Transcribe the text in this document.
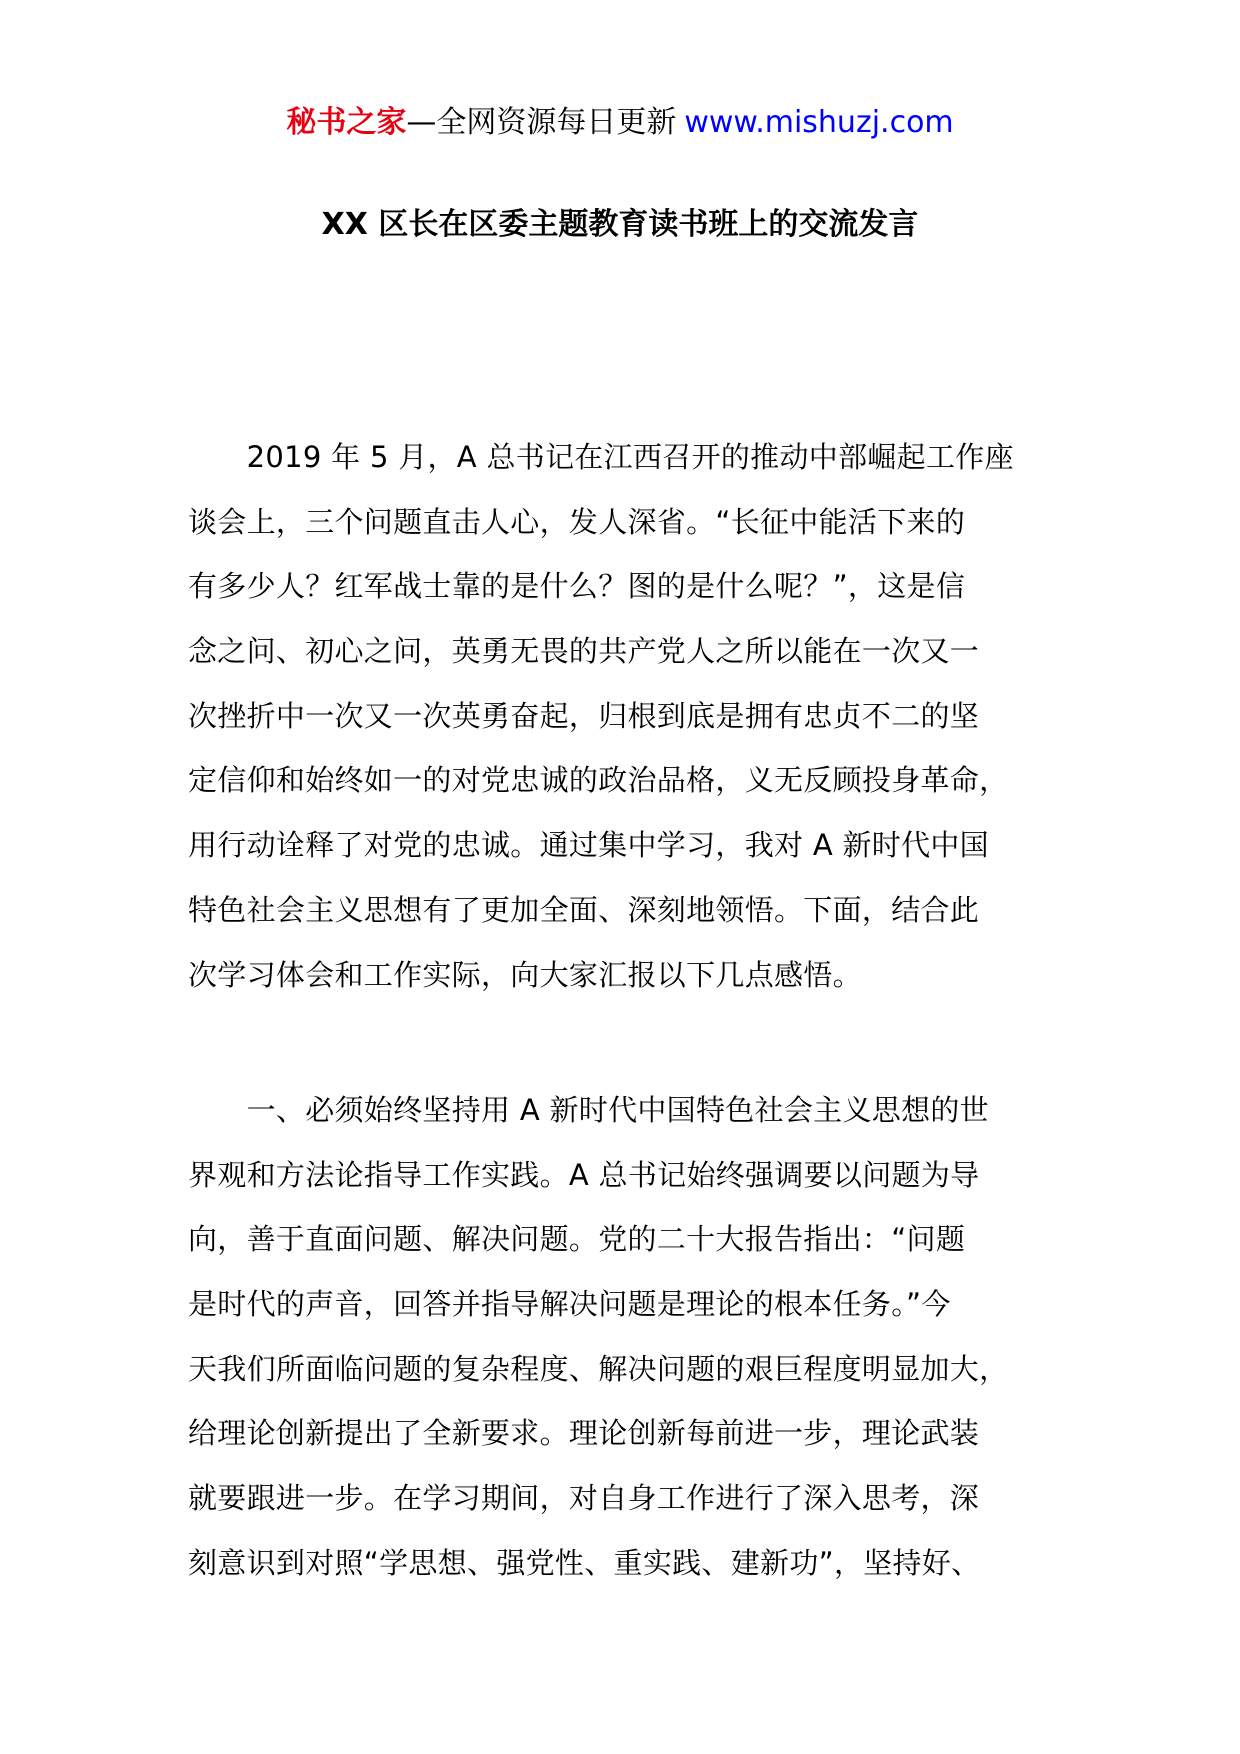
秘书之家—全网资源每日更新 www.mishuzj.com
XX 区长在区委主题教育读书班上的交流发言
　　2019 年 5 月，A 总书记在江西召开的推动中部崛起工作座
谈会上，三个问题直击人心，发人深省。“长征中能活下来的
有多少人？红军战士靠的是什么？图的是什么呢？”，这是信
念之问、初心之问，英勇无畏的共产党人之所以能在一次又一
次挫折中一次又一次英勇奋起，归根到底是拥有忠贞不二的坚
定信仰和始终如一的对党忠诚的政治品格，义无反顾投身革命，
用行动诠释了对党的忠诚。通过集中学习，我对 A 新时代中国
特色社会主义思想有了更加全面、深刻地领悟。下面，结合此
次学习体会和工作实际，向大家汇报以下几点感悟。
　　一、必须始终坚持用 A 新时代中国特色社会主义思想的世
界观和方法论指导工作实践。A 总书记始终强调要以问题为导
向，善于直面问题、解决问题。党的二十大报告指出：“问题
是时代的声音，回答并指导解决问题是理论的根本任务。”今
天我们所面临问题的复杂程度、解决问题的艰巨程度明显加大，
给理论创新提出了全新要求。理论创新每前进一步，理论武装
就要跟进一步。在学习期间，对自身工作进行了深入思考，深
刻意识到对照“学思想、强党性、重实践、建新功”，坚持好、
